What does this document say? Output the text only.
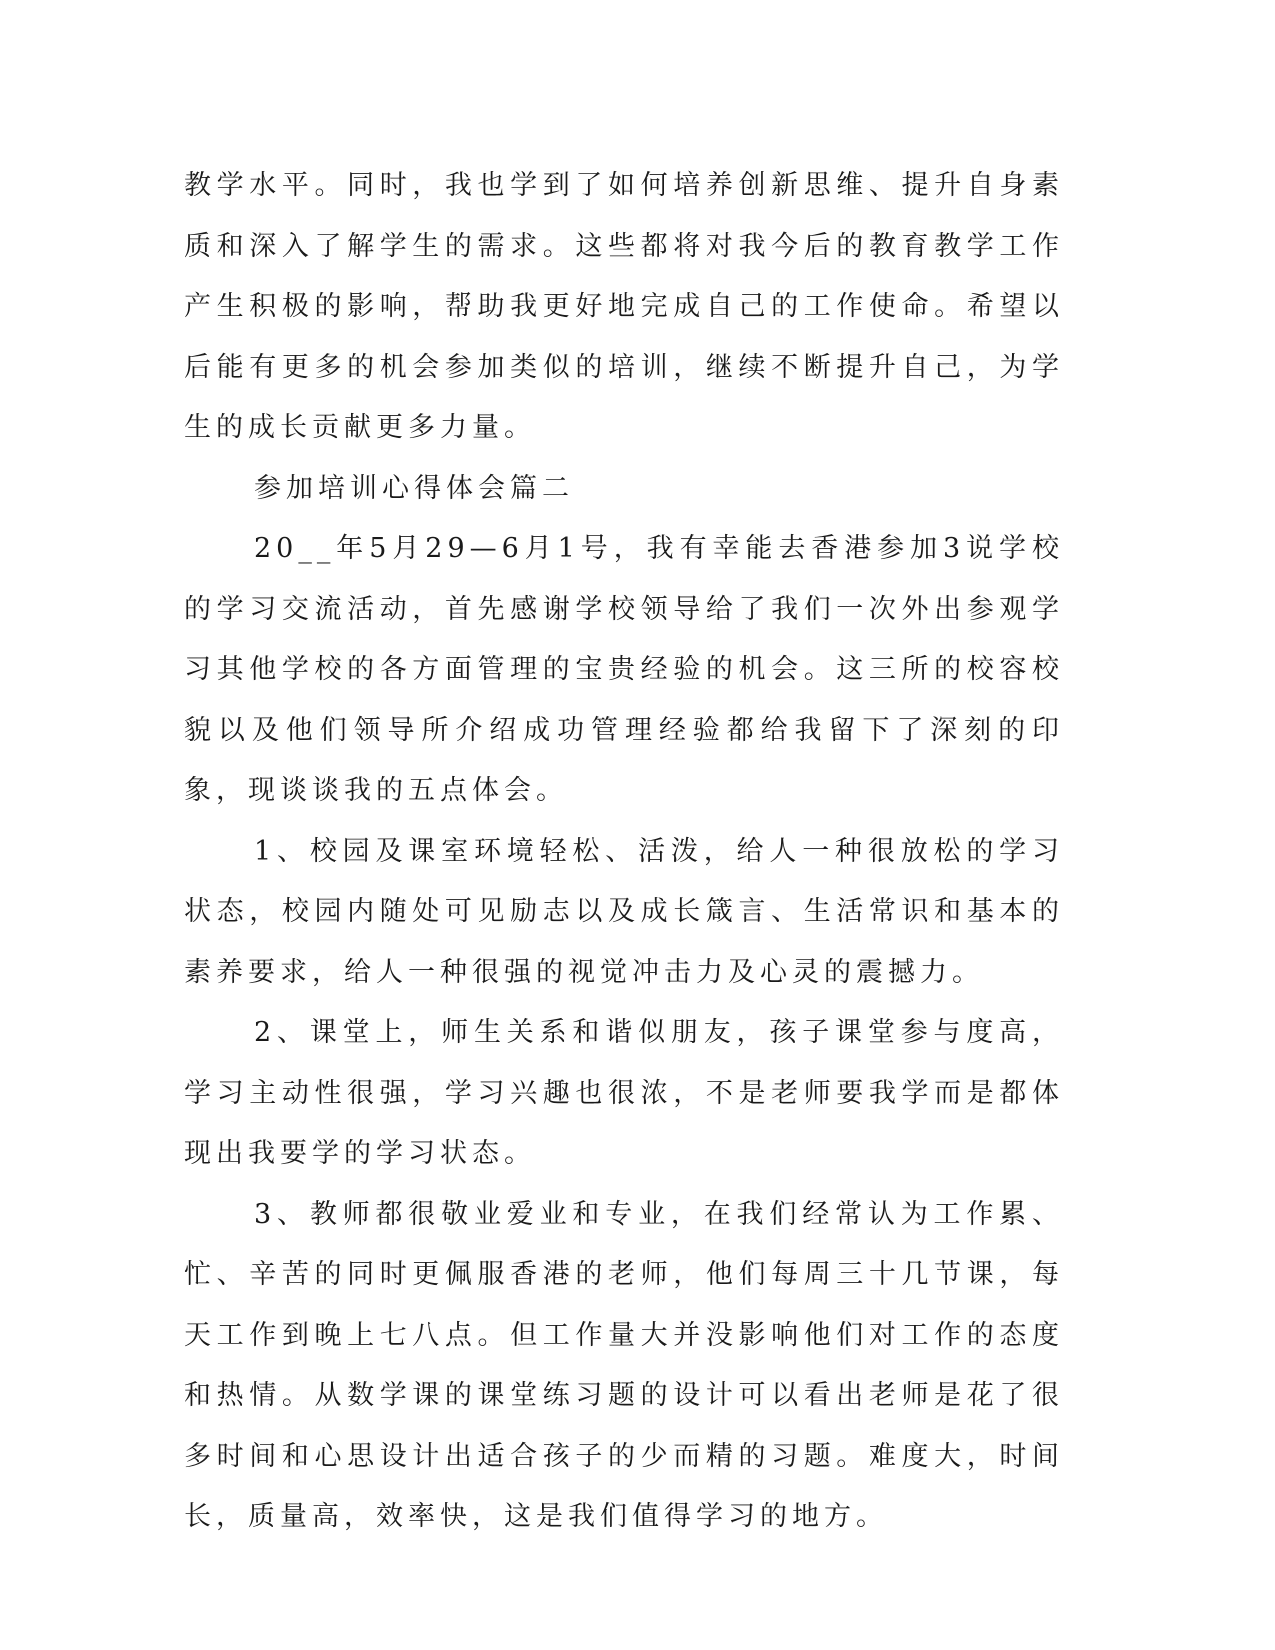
教学水平。同时，我也学到了如何培养创新思维、提升自身素质和深入了解学生的需求。这些都将对我今后的教育教学工作产生积极的影响，帮助我更好地完成自己的工作使命。希望以后能有更多的机会参加类似的培训，继续不断提升自己，为学生的成长贡献更多力量。

参加培训心得体会篇二

20__年5月29—6月1号，我有幸能去香港参加3说学校的学习交流活动，首先感谢学校领导给了我们一次外出参观学习其他学校的各方面管理的宝贵经验的机会。这三所的校容校貌以及他们领导所介绍成功管理经验都给我留下了深刻的印象，现谈谈我的五点体会。

1、校园及课室环境轻松、活泼，给人一种很放松的学习状态，校园内随处可见励志以及成长箴言、生活常识和基本的素养要求，给人一种很强的视觉冲击力及心灵的震撼力。

2、课堂上，师生关系和谐似朋友，孩子课堂参与度高，学习主动性很强，学习兴趣也很浓，不是老师要我学而是都体现出我要学的学习状态。

3、教师都很敬业爱业和专业，在我们经常认为工作累、忙、辛苦的同时更佩服香港的老师，他们每周三十几节课，每天工作到晚上七八点。但工作量大并没影响他们对工作的态度和热情。从数学课的课堂练习题的设计可以看出老师是花了很多时间和心思设计出适合孩子的少而精的习题。难度大，时间长，质量高，效率快，这是我们值得学习的地方。
